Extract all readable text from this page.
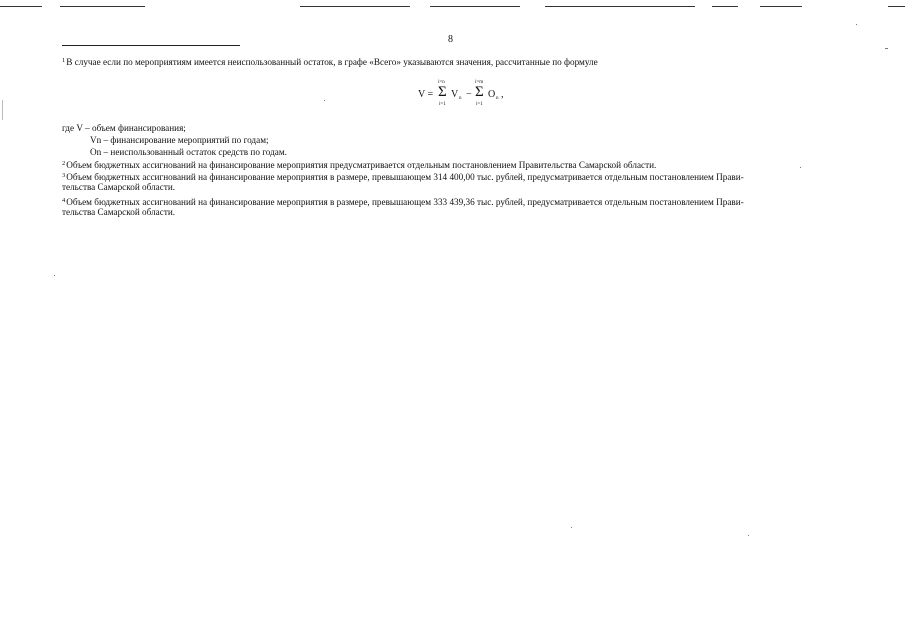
8
$^1$В случае если по мероприятиям имеется неиспользованный остаток, в графе «Всего» указываются значения, рассчитанные по формуле
V =
i=n
Σ
i=1
V n −
i=m
Σ
i=1
O n ,
где V – объем финансирования;
Vn – финансирование мероприятий по годам;
On – неиспользованный остаток средств по годам.
$^2$Объем бюджетных ассигнований на финансирование мероприятия предусматривается отдельным постановлением Правительства Самарской области.
$^3$Объем бюджетных ассигнований на финансирование мероприятия в размере, превышающем 314 400,00 тыс. рублей, предусматривается отдельным постановлением Прави-
тельства Самарской области.
$^4$Объем бюджетных ассигнований на финансирование мероприятия в размере, превышающем 333 439,36 тыс. рублей, предусматривается отдельным постановлением Прави-
тельства Самарской области.
